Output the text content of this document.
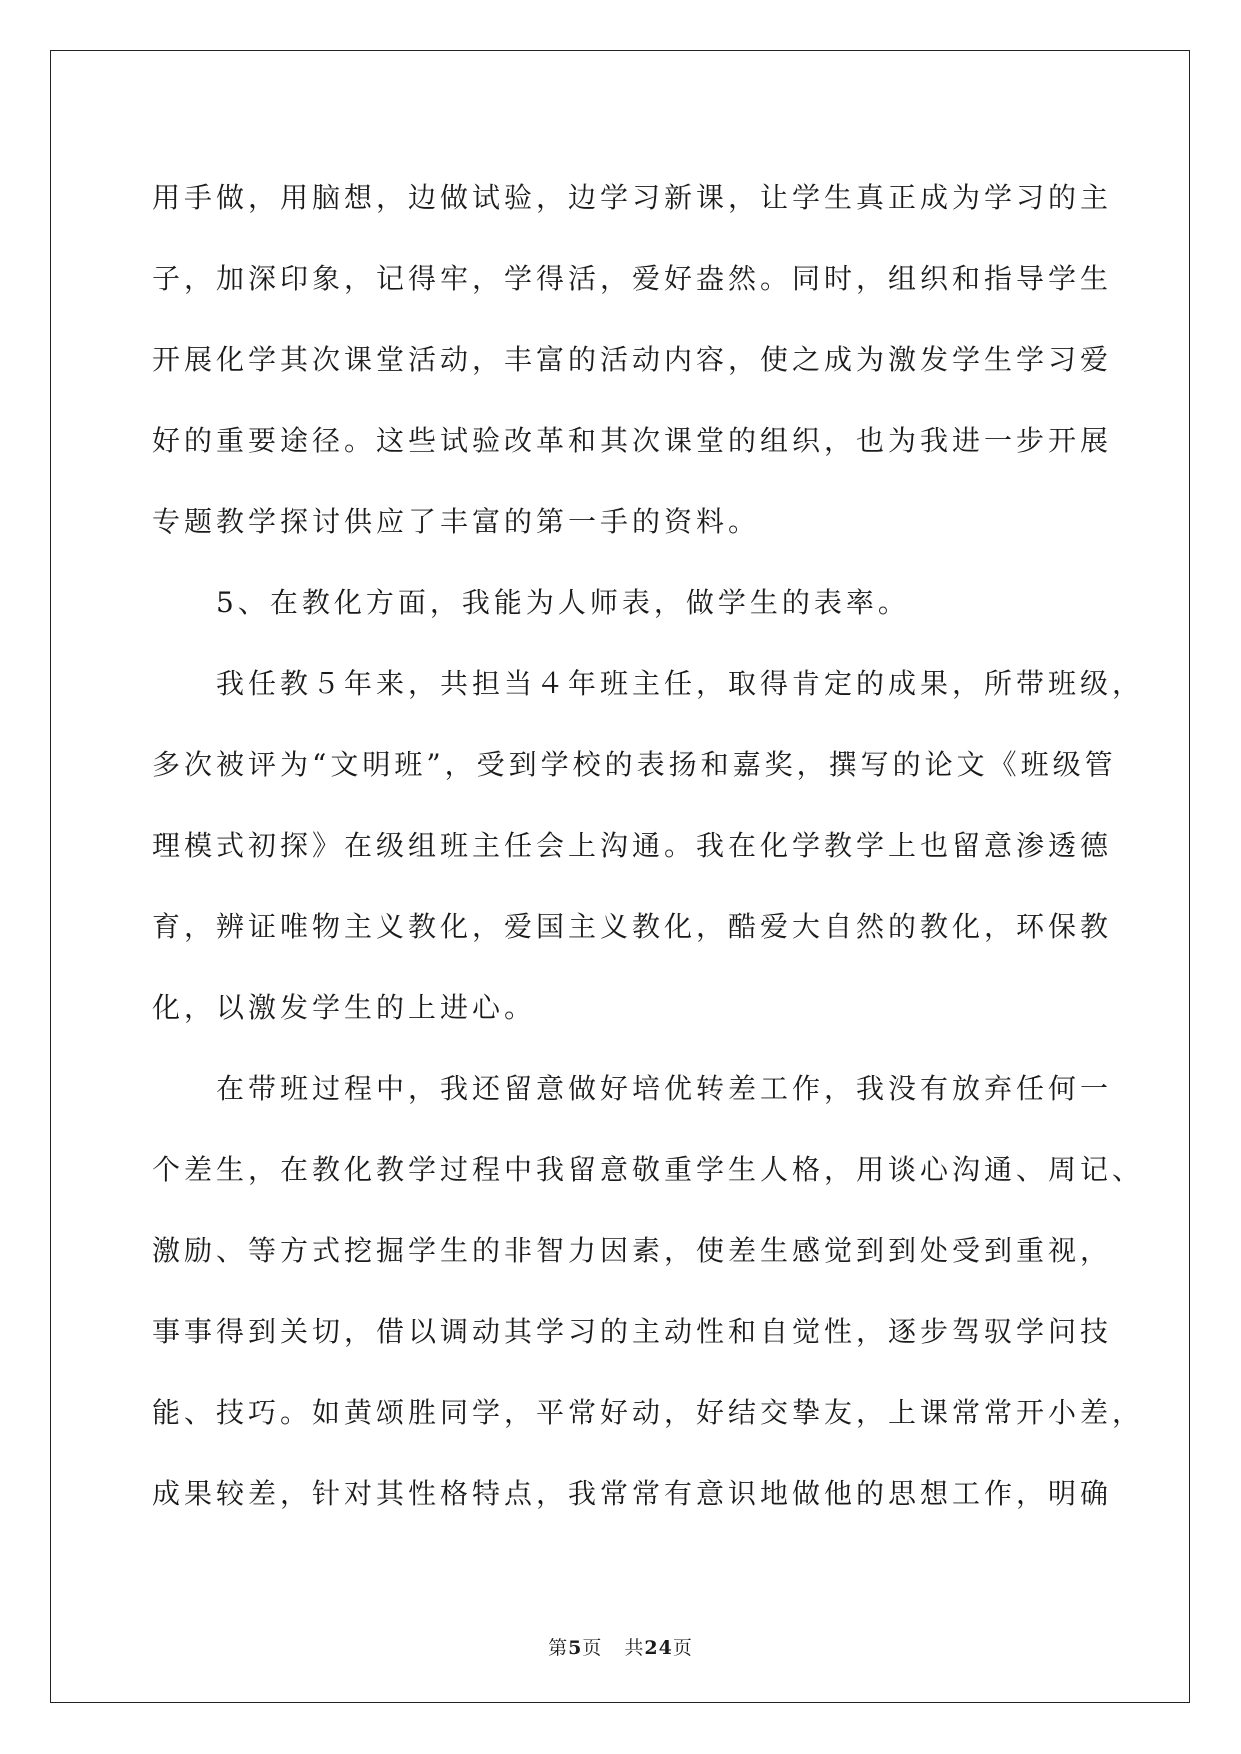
用手做，用脑想，边做试验，边学习新课，让学生真正成为学习的主
子，加深印象，记得牢，学得活，爱好盎然。同时，组织和指导学生
开展化学其次课堂活动，丰富的活动内容，使之成为激发学生学习爱
好的重要途径。这些试验改革和其次课堂的组织，也为我进一步开展
专题教学探讨供应了丰富的第一手的资料。
　　5、在教化方面，我能为人师表，做学生的表率。
　　我任教５年来，共担当４年班主任，取得肯定的成果，所带班级，
多次被评为“文明班”，受到学校的表扬和嘉奖，撰写的论文《班级管
理模式初探》在级组班主任会上沟通。我在化学教学上也留意渗透德
育，辨证唯物主义教化，爱国主义教化，酷爱大自然的教化，环保教
化，以激发学生的上进心。
　　在带班过程中，我还留意做好培优转差工作，我没有放弃任何一
个差生，在教化教学过程中我留意敬重学生人格，用谈心沟通、周记、
激励、等方式挖掘学生的非智力因素，使差生感觉到到处受到重视，
事事得到关切，借以调动其学习的主动性和自觉性，逐步驾驭学问技
能、技巧。如黄颂胜同学，平常好动，好结交挚友，上课常常开小差，
成果较差，针对其性格特点，我常常有意识地做他的思想工作，明确
第5页 共24页
